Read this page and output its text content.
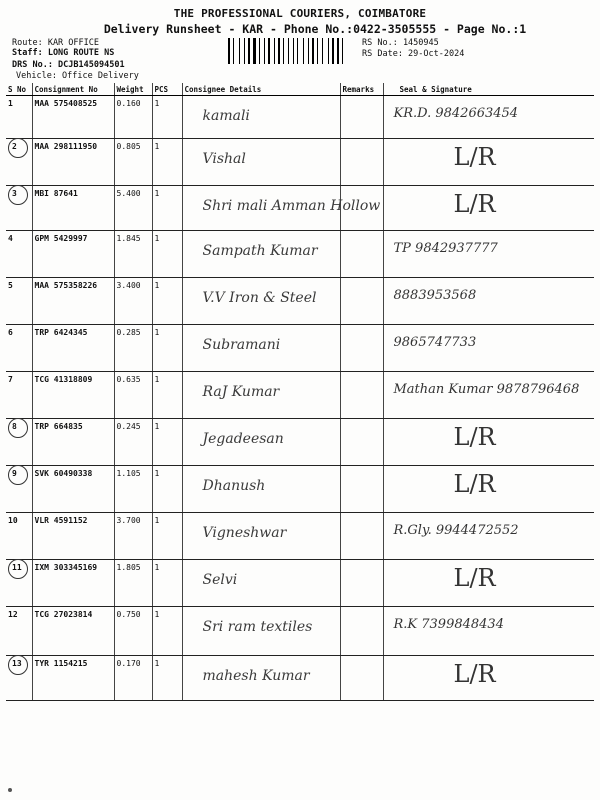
THE PROFESSIONAL COURIERS, COIMBATORE
Delivery Runsheet - KAR - Phone No.:0422-3505555 - Page No.:1
Route: KAR OFFICE
Staff: LONG ROUTE NS
DRS No.: DCJB145094501
Vehicle: Office Delivery
RS No.: 1450945
RS Date: 29-Oct-2024
S No	Consignment No	Weight	PCS	Consignee Details	Remarks	Seal & Signature
1	MAA 575408525	0.160	1	kamali		KR.D. 9842663454

2	MAA 298111950	0.805	1	Vishal		L/R

3	MBI 87641	5.400	1	Shri mali Amman Hollow		L/R

4	GPM 5429997	1.845	1	Sampath Kumar		TP 9842937777

5	MAA 575358226	3.400	1	V.V Iron & Steel		8883953568

6	TRP 6424345	0.285	1	Subramani		9865747733

7	TCG 41318809	0.635	1	RaJ Kumar		Mathan Kumar 9878796468

8	TRP 664835	0.245	1	Jegadeesan		L/R

9	SVK 60490338	1.105	1	Dhanush		L/R

10	VLR 4591152	3.700	1	Vigneshwar		R.Gly. 9944472552

11	IXM 303345169	1.805	1	Selvi		L/R

12	TCG 27023814	0.750	1	Sri ram textiles		R.K 7399848434

13	TYR 1154215	0.170	1	mahesh Kumar		L/R
